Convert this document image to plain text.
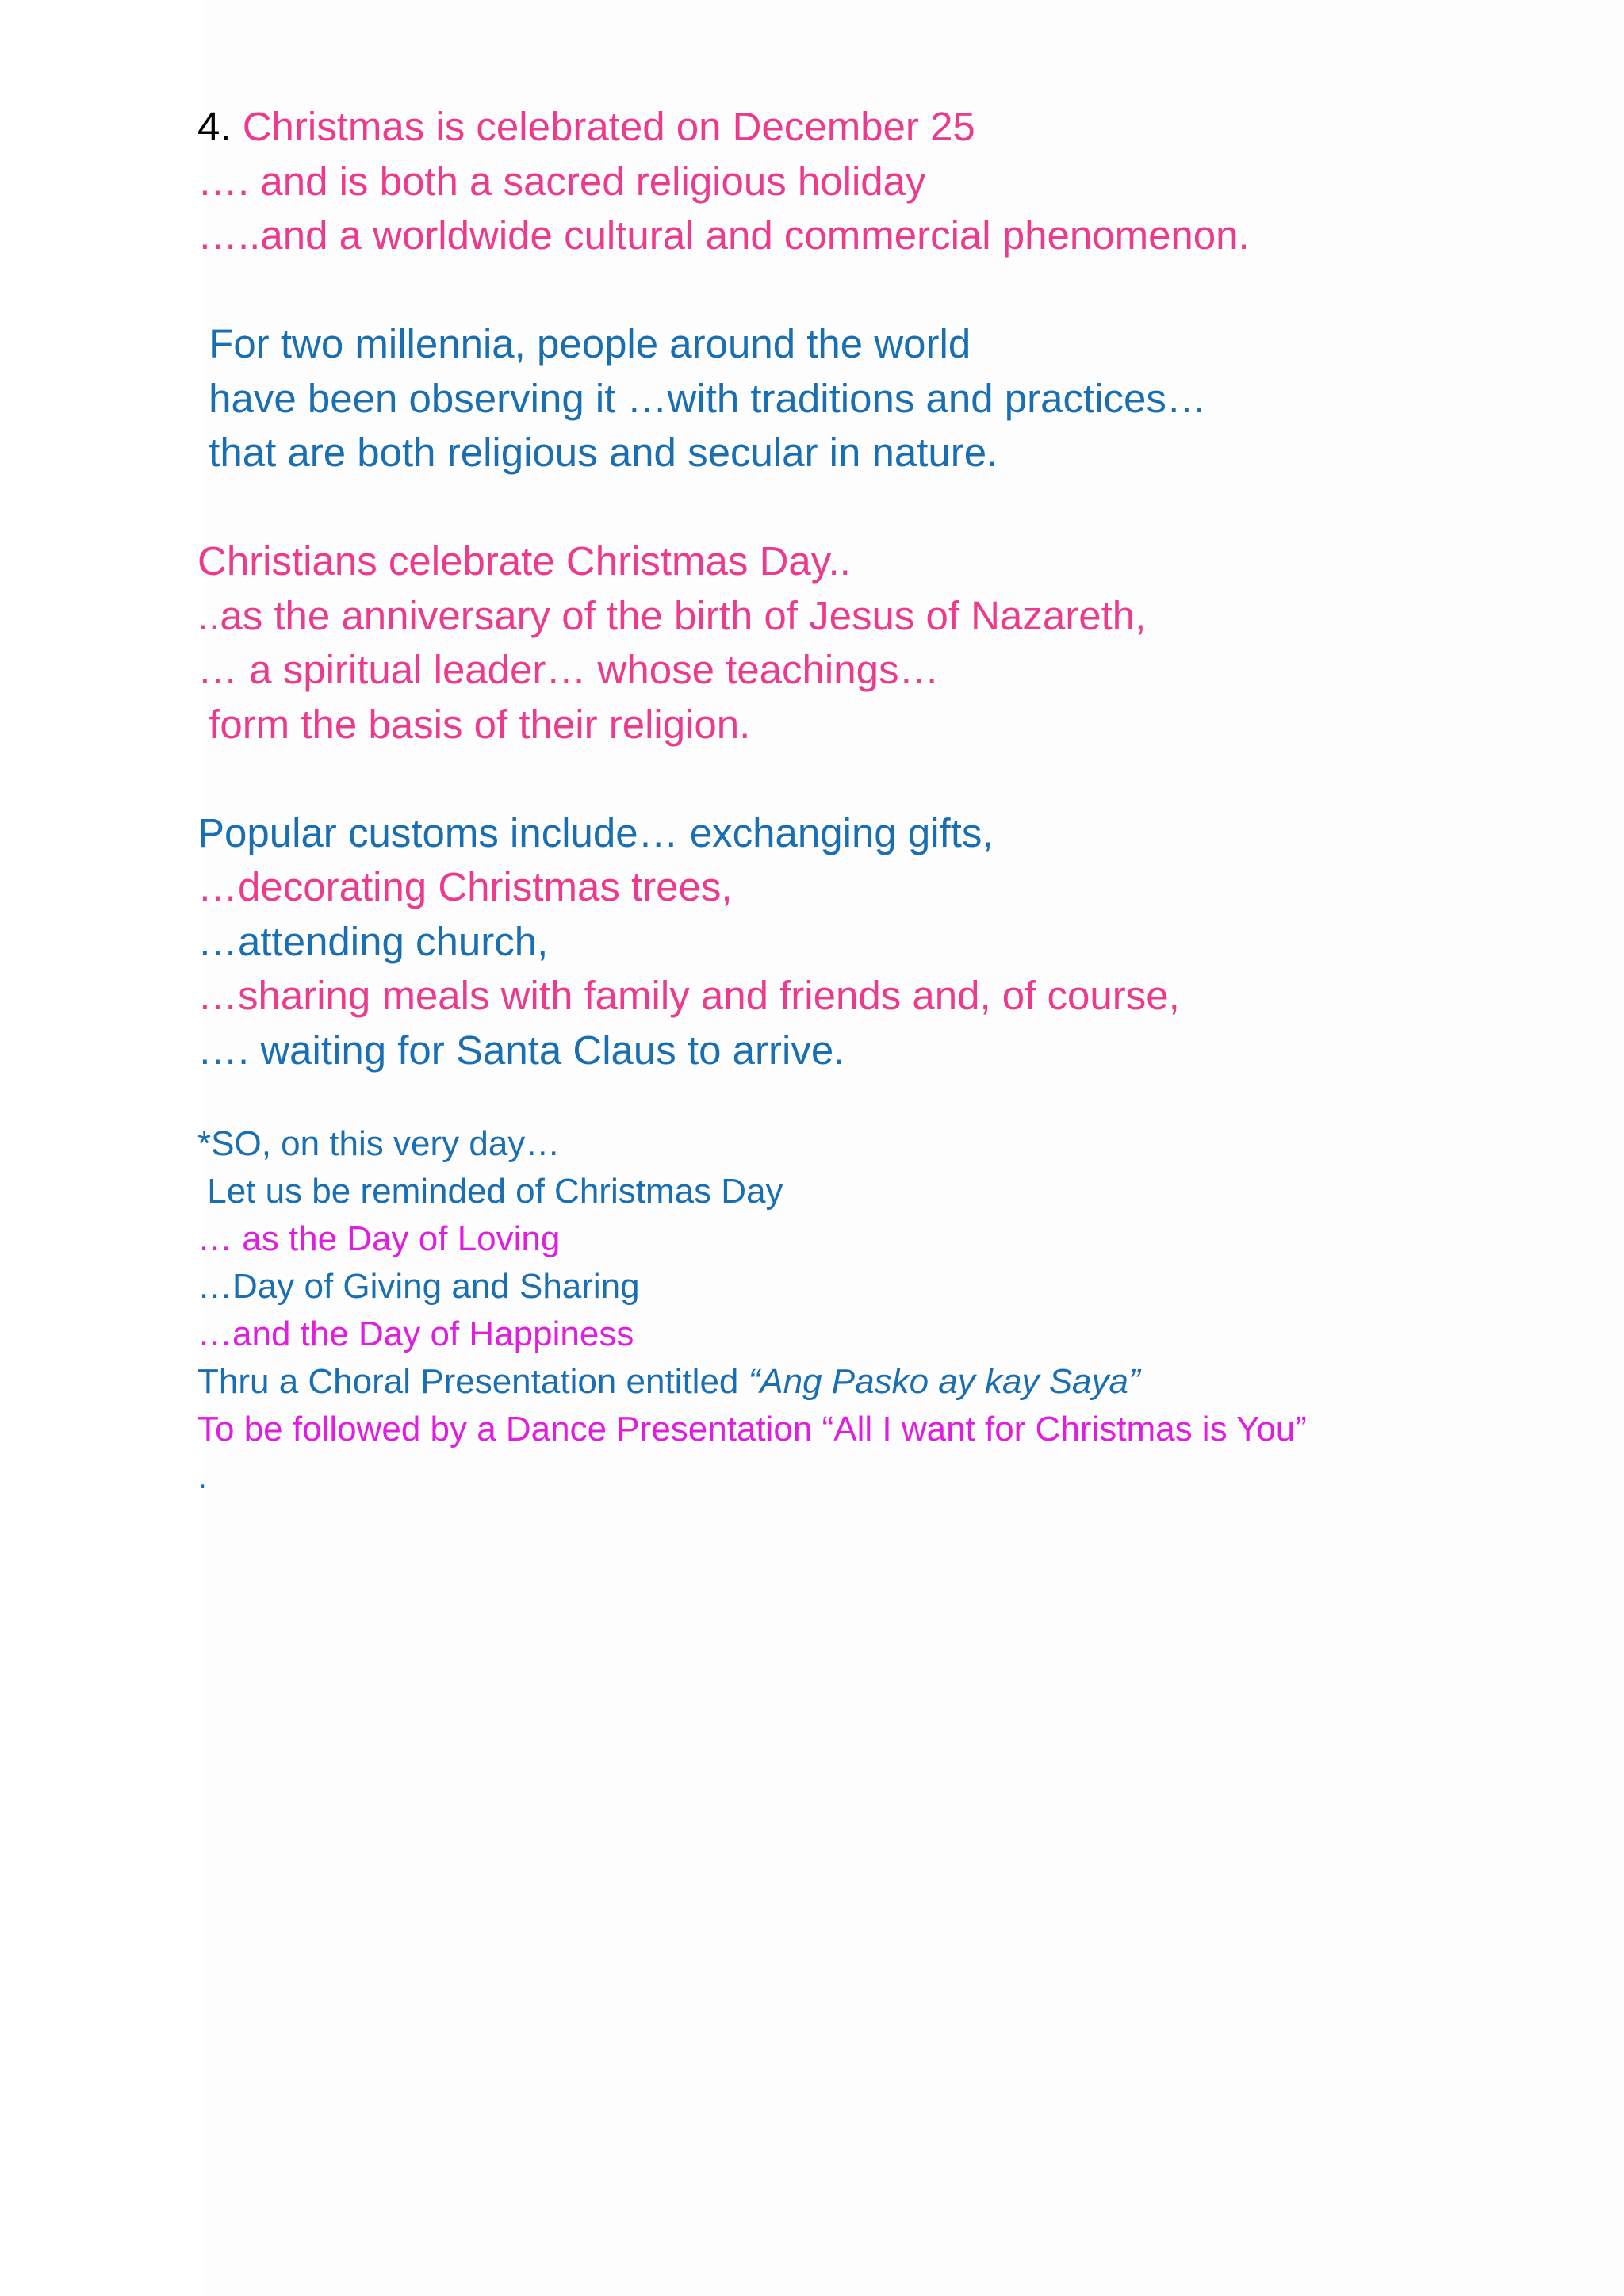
4. Christmas is celebrated on December 25

…. and is both a sacred religious holiday

…..and a worldwide cultural and commercial phenomenon.

For two millennia, people around the world

have been observing it …with traditions and practices…

that are both religious and secular in nature.

Christians celebrate Christmas Day..

..as the anniversary of the birth of Jesus of Nazareth,

… a spiritual leader… whose teachings…

form the basis of their religion.

Popular customs include… exchanging gifts,

…decorating Christmas trees,

…attending church,

…sharing meals with family and friends and, of course,

…. waiting for Santa Claus to arrive.

*SO, on this very day…

Let us be reminded of Christmas Day

… as the Day of Loving

…Day of Giving and Sharing

…and the Day of Happiness

Thru a Choral Presentation entitled “Ang Pasko ay kay Saya”

To be followed by a Dance Presentation “All I want for Christmas is You”

.
